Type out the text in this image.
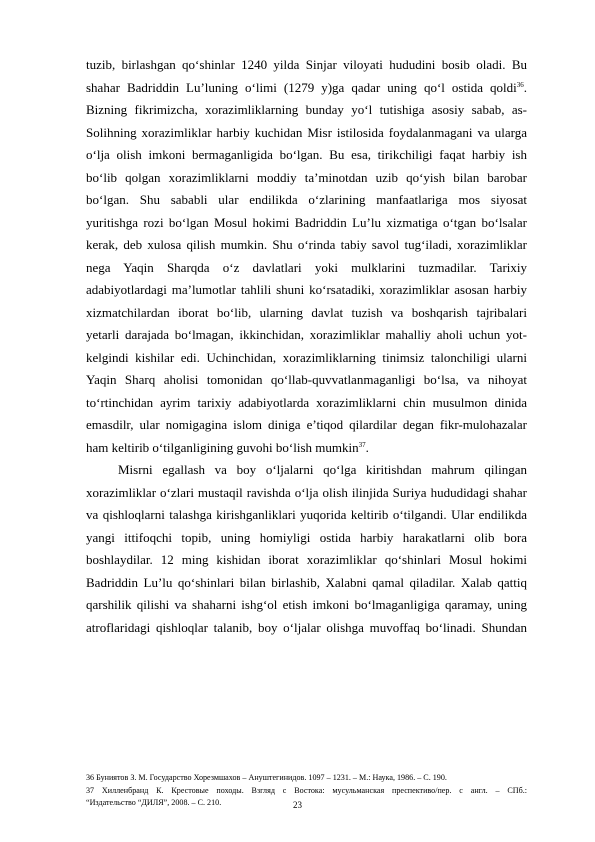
tuzib, birlashgan qo‘shinlar 1240 yilda Sinjar viloyati hududini bosib oladi. Bu
shahar Badriddin Lu’luning o‘limi (1279 y)ga qadar uning qo‘l ostida qoldi$^{36}$.
Bizning fikrimizcha, xorazimliklarning bunday yo‘l tutishiga asosiy sabab, as-
Solihning xorazimliklar harbiy kuchidan Misr istilosida foydalanmagani va ularga
o‘lja olish imkoni bermaganligida bo‘lgan. Bu esa, tirikchiligi faqat harbiy ish
bo‘lib qolgan xorazimliklarni moddiy ta’minotdan uzib qo‘yish bilan barobar
bo‘lgan. Shu sababli ular endilikda o‘zlarining manfaatlariga mos siyosat
yuritishga rozi bo‘lgan Mosul hokimi Badriddin Lu’lu xizmatiga o‘tgan bo‘lsalar
kerak, deb xulosa qilish mumkin. Shu o‘rinda tabiy savol tug‘iladi, xorazimliklar
nega Yaqin Sharqda o‘z davlatlari yoki mulklarini tuzmadilar. Tarixiy
adabiyotlardagi ma’lumotlar tahlili shuni ko‘rsatadiki, xorazimliklar asosan harbiy
xizmatchilardan iborat bo‘lib, ularning davlat tuzish va boshqarish tajribalari
yetarli darajada bo‘lmagan, ikkinchidan, xorazimliklar mahalliy aholi uchun yot-
kelgindi kishilar edi. Uchinchidan, xorazimliklarning tinimsiz talonchiligi ularni
Yaqin Sharq aholisi tomonidan qo‘llab-quvvatlanmaganligi bo‘lsa, va nihoyat
to‘rtinchidan ayrim tarixiy adabiyotlarda xorazimliklarni chin musulmon dinida
emasdilr, ular nomigagina islom diniga e’tiqod qilardilar degan fikr-mulohazalar
ham keltirib o‘tilganligining guvohi bo‘lish mumkin$^{37}$.
Misrni egallash va boy o‘ljalarni qo‘lga kiritishdan mahrum qilingan
xorazimliklar o‘zlari mustaqil ravishda o‘lja olish ilinjida Suriya hududidagi shahar
va qishloqlarni talashga kirishganliklari yuqorida keltirib o‘tilgandi. Ular endilikda
yangi ittifoqchi topib, uning homiyligi ostida harbiy harakatlarni olib bora
boshlaydilar. 12 ming kishidan iborat xorazimliklar qo‘shinlari Mosul hokimi
Badriddin Lu’lu qo‘shinlari bilan birlashib, Xalabni qamal qiladilar. Xalab qattiq
qarshilik qilishi va shaharni ishg‘ol etish imkoni bo‘lmaganligiga qaramay, uning
atroflaridagi qishloqlar talanib, boy o‘ljalar olishga muvoffaq bo‘linadi. Shundan
36 Буниятов З. М. Государство Хорезмшахов – Ануштегинидов. 1097 – 1231. – М.: Наука, 1986. – С. 190.
37 Хилленбранд К. Крестовые походы. Взгляд с Востока: мусульманская преспективо/пер. с англ. – СПб.:
“Издательство “ДИЛЯ”, 2008. – С. 210.	23
